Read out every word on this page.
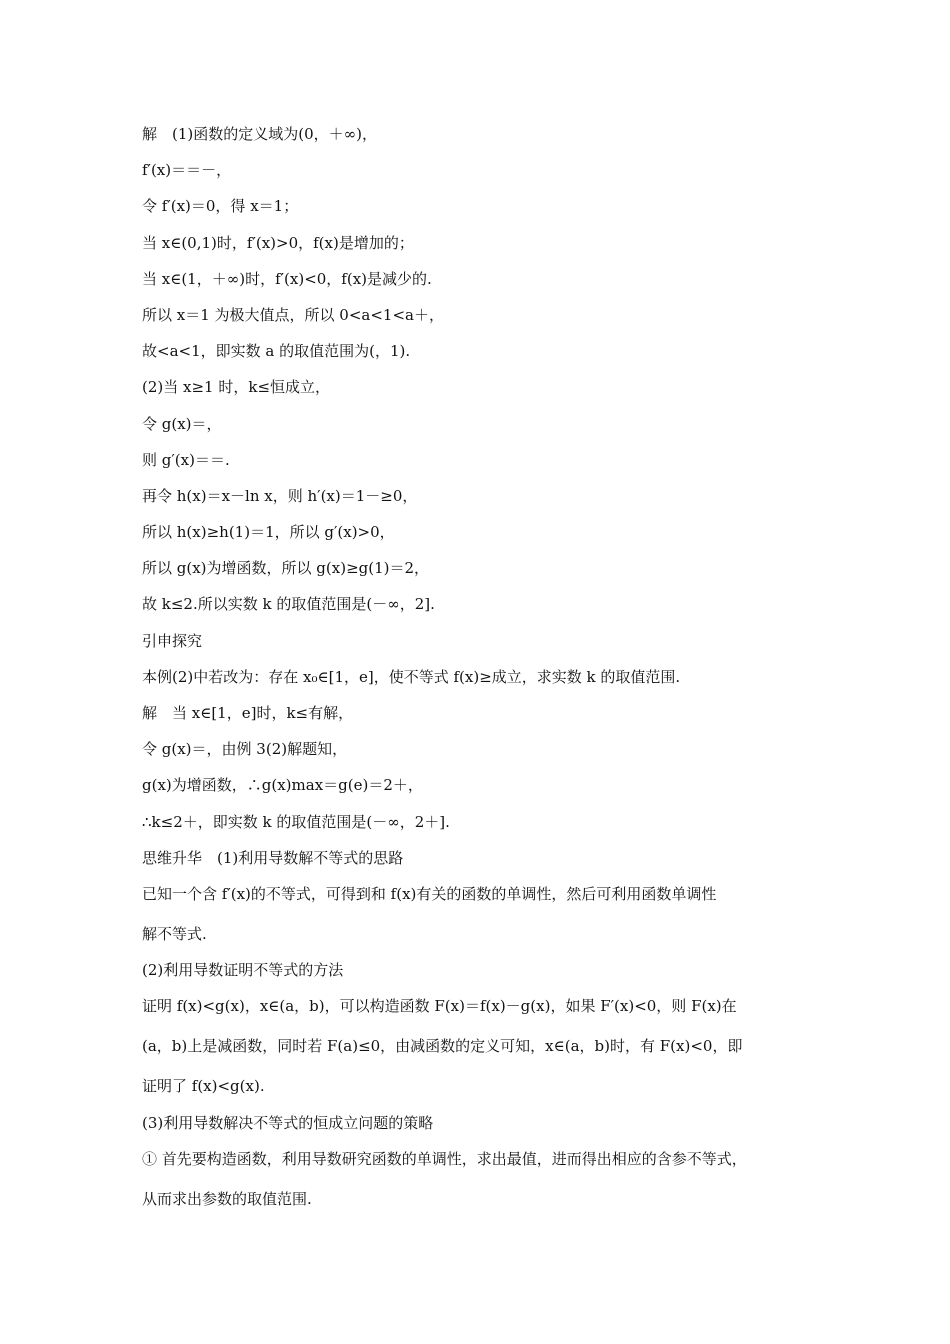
解　(1)函数的定义域为(0，＋∞)，
f′(x)＝＝－，
令 f′(x)＝0，得 x＝1；
当 x∈(0,1)时，f′(x)>0，f(x)是增加的；
当 x∈(1，＋∞)时，f′(x)<0，f(x)是减少的.
所以 x＝1 为极大值点，所以 0<a<1<a＋，
故<a<1，即实数 a 的取值范围为(，1).
(2)当 x≥1 时，k≤恒成立，
令 g(x)＝，
则 g′(x)＝＝.
再令 h(x)＝x－ln x，则 h′(x)＝1－≥0，
所以 h(x)≥h(1)＝1，所以 g′(x)>0，
所以 g(x)为增函数，所以 g(x)≥g(1)＝2，
故 k≤2.所以实数 k 的取值范围是(－∞，2].
引申探究
本例(2)中若改为：存在 x₀∈[1，e]，使不等式 f(x)≥成立，求实数 k 的取值范围.
解　当 x∈[1，e]时，k≤有解，
令 g(x)＝，由例 3(2)解题知，
g(x)为增函数，∴g(x)max＝g(e)＝2＋，
∴k≤2＋，即实数 k 的取值范围是(－∞，2＋].
思维升华　(1)利用导数解不等式的思路
已知一个含 f′(x)的不等式，可得到和 f(x)有关的函数的单调性，然后可利用函数单调性
解不等式.
(2)利用导数证明不等式的方法
证明 f(x)<g(x)，x∈(a，b)，可以构造函数 F(x)＝f(x)－g(x)，如果 F′(x)<0，则 F(x)在
(a，b)上是减函数，同时若 F(a)≤0，由减函数的定义可知，x∈(a，b)时，有 F(x)<0，即
证明了 f(x)<g(x).
(3)利用导数解决不等式的恒成立问题的策略
① 首先要构造函数，利用导数研究函数的单调性，求出最值，进而得出相应的含参不等式，
从而求出参数的取值范围.
